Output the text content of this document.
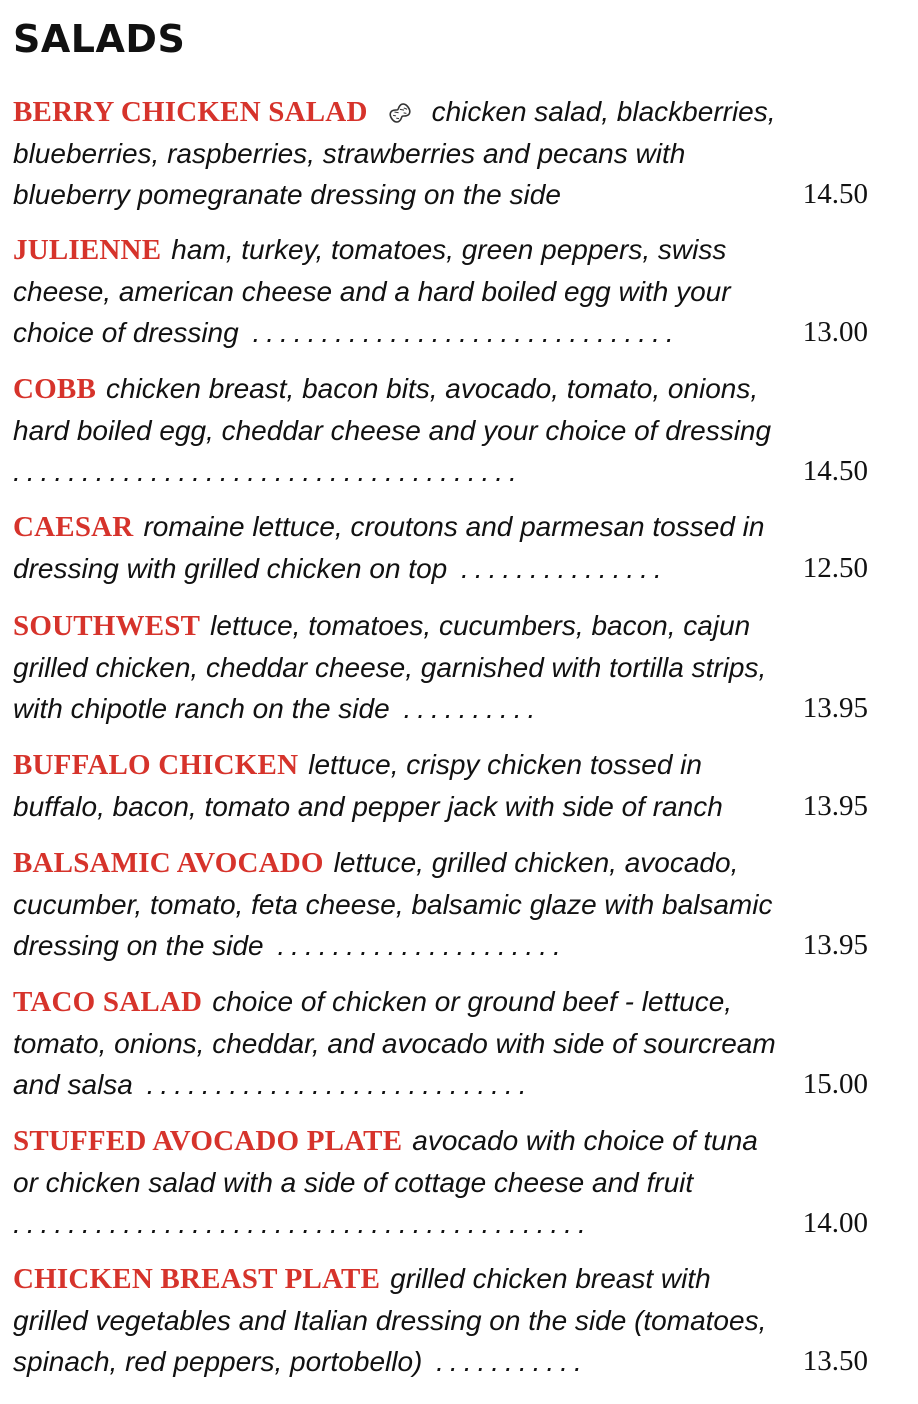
SALADS
BERRY CHICKEN SALAD chicken salad, blackberries, blueberries, raspberries, strawberries and pecans with blueberry pomegranate dressing on the side	14.50
JULIENNE ham, turkey, tomatoes, green peppers, swiss cheese, american cheese and a hard boiled egg with your choice of dressing ...............................	13.00
COBB chicken breast, bacon bits, avocado, tomato, onions, hard boiled egg, cheddar cheese and your choice of dressing .....................................	14.50
CAESAR romaine lettuce, croutons and parmesan tossed in dressing with grilled chicken on top ...............	12.50
SOUTHWEST lettuce, tomatoes, cucumbers, bacon, cajun grilled chicken, cheddar cheese, garnished with tortilla strips, with chipotle ranch on the side ..........	13.95
BUFFALO CHICKEN lettuce, crispy chicken tossed in buffalo, bacon, tomato and pepper jack with side of ranch	13.95
BALSAMIC AVOCADO lettuce, grilled chicken, avocado, cucumber, tomato, feta cheese, balsamic glaze with balsamic dressing on the side .....................	13.95
TACO SALAD choice of chicken or ground beef - lettuce, tomato, onions, cheddar, and avocado with side of sourcream and salsa ............................	15.00
STUFFED AVOCADO PLATE avocado with choice of tuna or chicken salad with a side of cottage cheese and fruit ..........................................	14.00
CHICKEN BREAST PLATE grilled chicken breast with grilled vegetables and Italian dressing on the side (tomatoes, spinach, red peppers, portobello) ...........	13.50
